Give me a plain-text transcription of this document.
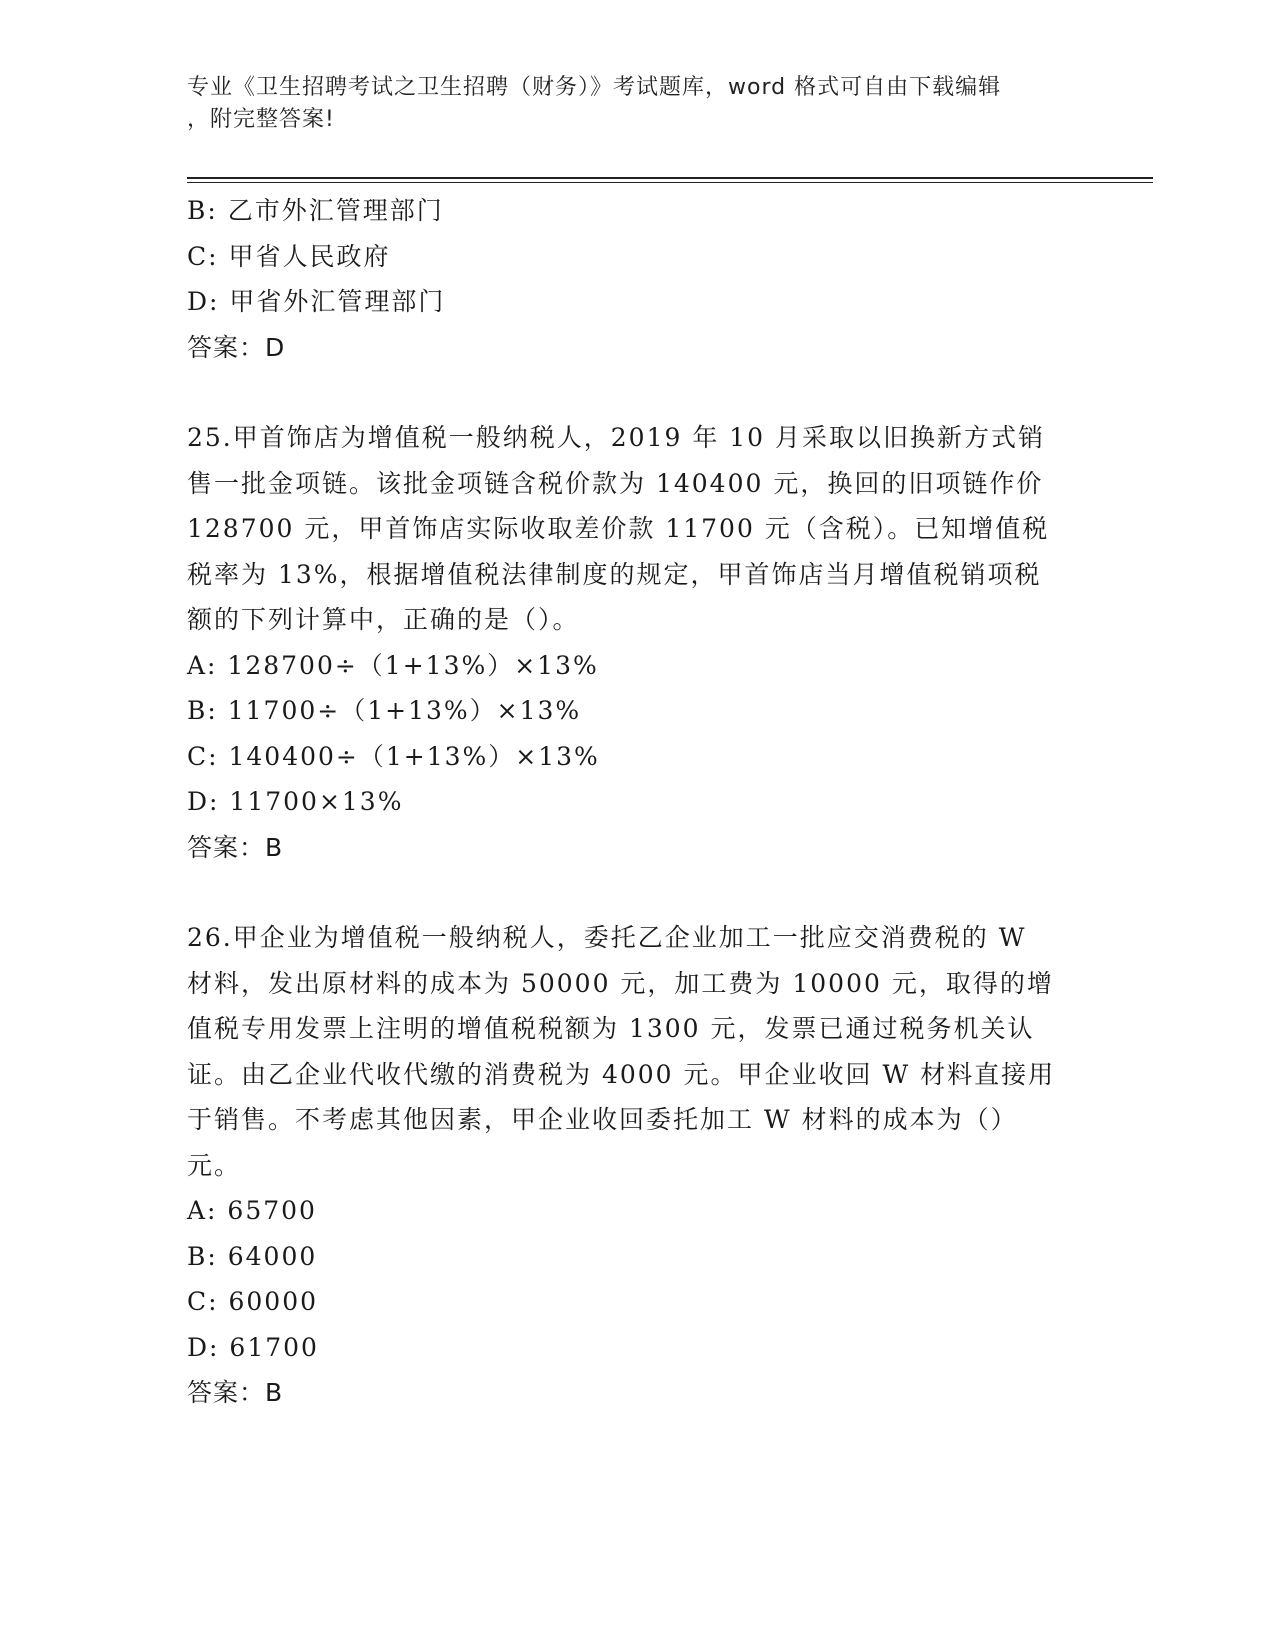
专业《卫生招聘考试之卫生招聘（财务）》考试题库，word 格式可自由下载编辑
，附完整答案!

B: 乙市外汇管理部门

C: 甲省人民政府

D: 甲省外汇管理部门

答案：D

25.甲首饰店为增值税一般纳税人，2019 年 10 月采取以旧换新方式销

售一批金项链。该批金项链含税价款为 140400 元，换回的旧项链作价

128700 元，甲首饰店实际收取差价款 11700 元（含税）。已知增值税

税率为 13%，根据增值税法律制度的规定，甲首饰店当月增值税销项税

额的下列计算中，正确的是（）。

A: 128700÷（1+13%）×13%

B: 11700÷（1+13%）×13%

C: 140400÷（1+13%）×13%

D: 11700×13%

答案：B

26.甲企业为增值税一般纳税人，委托乙企业加工一批应交消费税的 W

材料，发出原材料的成本为 50000 元，加工费为 10000 元，取得的增

值税专用发票上注明的增值税税额为 1300 元，发票已通过税务机关认

证。由乙企业代收代缴的消费税为 4000 元。甲企业收回 W 材料直接用

于销售。不考虑其他因素，甲企业收回委托加工 W 材料的成本为（）

元。

A: 65700

B: 64000

C: 60000

D: 61700

答案：B
